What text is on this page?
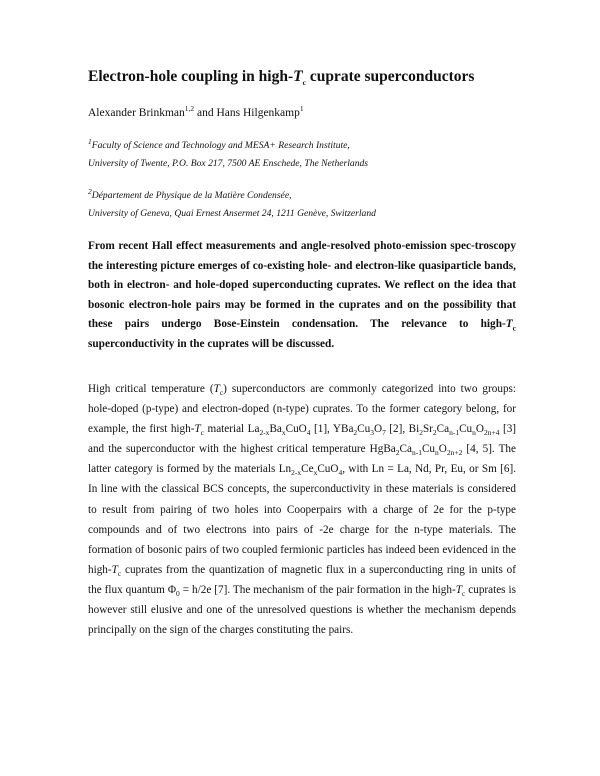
Electron-hole coupling in high-$T_c$ cuprate superconductors
Alexander Brinkman$^{1,2}$ and Hans Hilgenkamp$^1$
$^1$Faculty of Science and Technology and MESA+ Research Institute,
University of Twente, P.O. Box 217, 7500 AE Enschede, The Netherlands
$^2$Département de Physique de la Matière Condensée,
University of Geneva, Quai Ernest Ansermet 24, 1211 Genève, Switzerland
From recent Hall effect measurements and angle-resolved photo-emission spec-troscopy the interesting picture emerges of co-existing hole- and electron-like quasiparticle bands, both in electron- and hole-doped superconducting cuprates. We reflect on the idea that bosonic electron-hole pairs may be formed in the cuprates and on the possibility that these pairs undergo Bose-Einstein condensation. The relevance to high-$T_c$ superconductivity in the cuprates will be discussed.
High critical temperature $(T_c)$ superconductors are commonly categorized into two groups: hole-doped (p-type) and electron-doped (n-type) cuprates. To the former category belong, for example, the first high-$T_c$ material $La_{2-x}Ba_xCuO_4$ [1], $YBa_2Cu_3O_7$ [2], $Bi_2Sr_2Ca_{n-1}Cu_nO_{2n+4}$ [3] and the superconductor with the highest critical temperature $HgBa_2Ca_{n-1}Cu_nO_{2n+2}$ [4, 5]. The latter category is formed by the materials $Ln_{2-x}Ce_xCuO_4$, with Ln = La, Nd, Pr, Eu, or Sm [6]. In line with the classical BCS concepts, the superconductivity in these materials is considered to result from pairing of two holes into Cooperpairs with a charge of 2e for the p-type compounds and of two electrons into pairs of -2e charge for the n-type materials. The formation of bosonic pairs of two coupled fermionic particles has indeed been evidenced in the high-$T_c$ cuprates from the quantization of magnetic flux in a superconducting ring in units of the flux quantum $\Phi_0 = h/2e$ [7]. The mechanism of the pair formation in the high-$T_c$ cuprates is however still elusive and one of the unresolved questions is whether the mechanism depends principally on the sign of the charges constituting the pairs.
